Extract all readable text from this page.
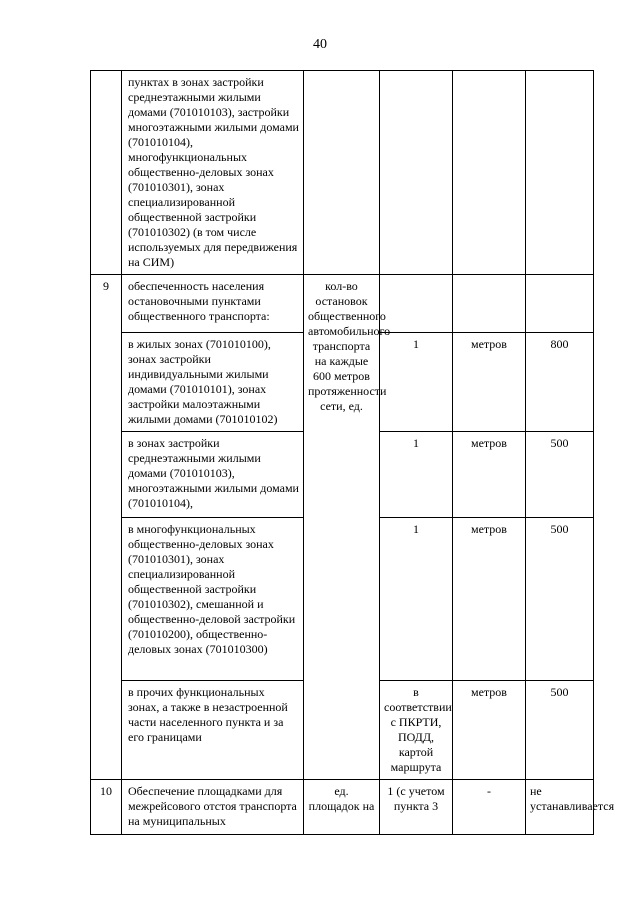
40
	пунктах в зонах застройки среднеэтажными жилыми домами (701010103), застройки многоэтажными жилыми домами (701010104), многофункциональных общественно-деловых зонах (701010301), зонах специализированной общественной застройки (701010302) (в том числе используемых для передвижения на СИМ)				
9	обеспеченность населения остановочными пунктами общественного транспорта:	кол-во остановок общественного автомобильного транспорта на каждые 600 метров протяженности сети, ед.			
	в жилых зонах (701010100), зонах застройки индивидуальными жилыми домами (701010101), зонах застройки малоэтажными жилыми домами (701010102)		1	метров	800
	в зонах застройки среднеэтажными жилыми домами (701010103), многоэтажными жилыми домами (701010104),		1	метров	500
	в многофункциональных общественно-деловых зонах (701010301), зонах специализированной общественной застройки (701010302), смешанной и общественно-деловой застройки (701010200), общественно-деловых зонах (701010300)		1	метров	500
	в прочих функциональных зонах, а также в незастроенной части населенного пункта и за его границами		в соответствии с ПКРТИ, ПОДД, картой маршрута	метров	500
10	Обеспечение площадками для межрейсового отстоя транспорта на муниципальных	ед. площадок на	1 (с учетом пункта 3	-	не устанавливается
